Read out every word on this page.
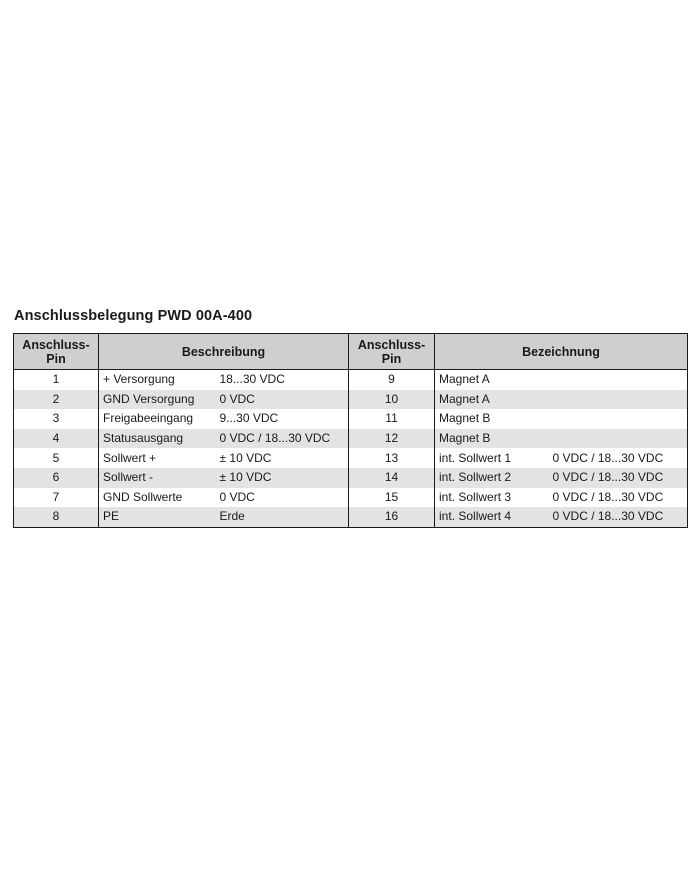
Anschlussbelegung PWD 00A-400
Anschluss-
Pin	Beschreibung		Anschluss-
Pin	Bezeichnung	
1	+ Versorgung	18...30 VDC	9	Magnet A	
2	GND Versorgung	0 VDC	10	Magnet A	
3	Freigabeeingang	9...30 VDC	11	Magnet B	
4	Statusausgang	0 VDC / 18...30 VDC	12	Magnet B	
5	Sollwert +	± 10 VDC	13	int. Sollwert 1	0 VDC / 18...30 VDC
6	Sollwert -	± 10 VDC	14	int. Sollwert 2	0 VDC / 18...30 VDC
7	GND Sollwerte	0 VDC	15	int. Sollwert 3	0 VDC / 18...30 VDC
8	PE	Erde	16	int. Sollwert 4	0 VDC / 18...30 VDC
